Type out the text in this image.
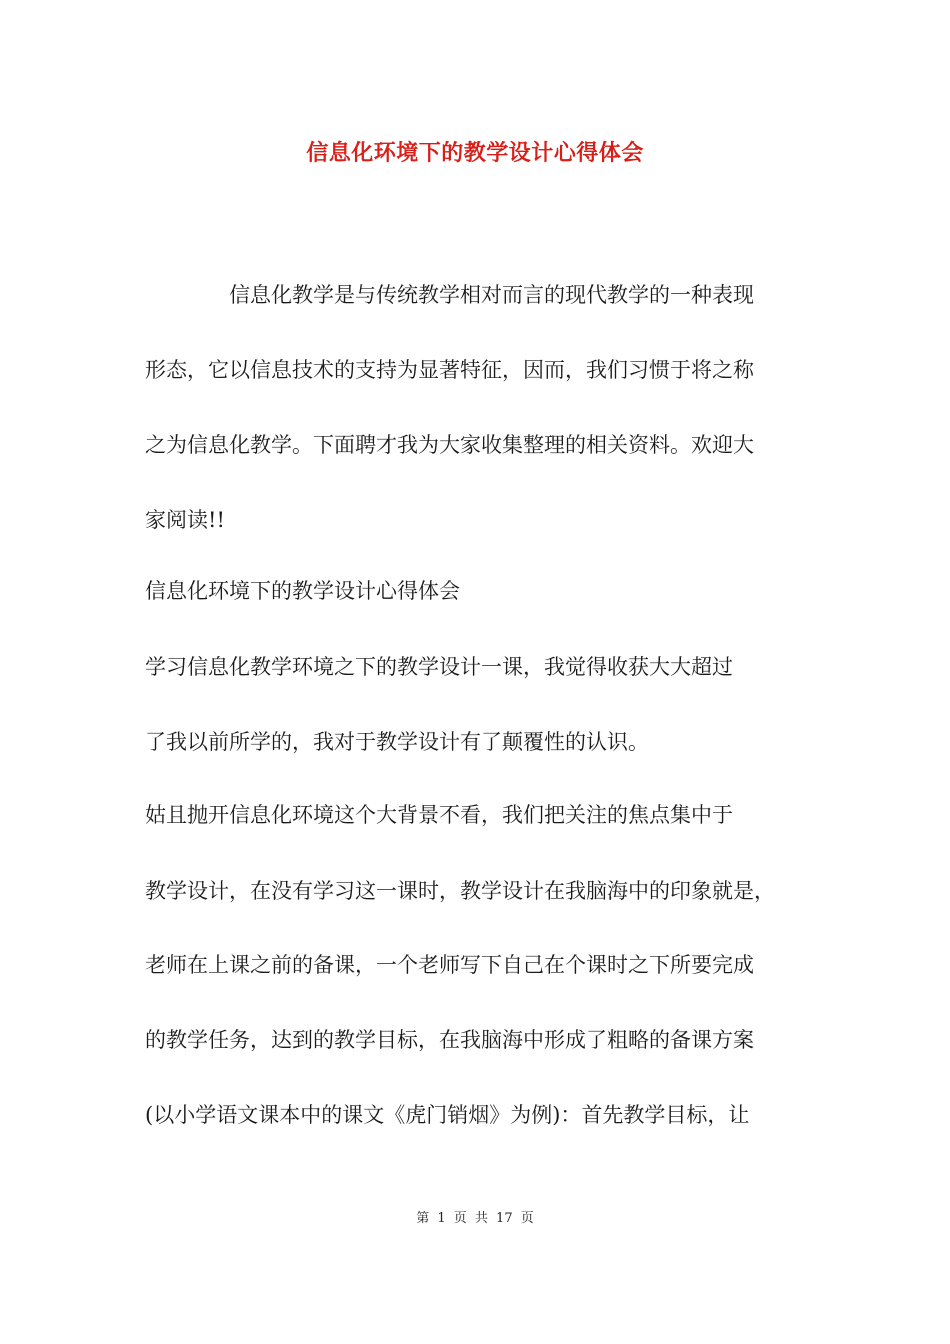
信息化环境下的教学设计心得体会
　　　　信息化教学是与传统教学相对而言的现代教学的一种表现
形态，它以信息技术的支持为显著特征，因而，我们习惯于将之称
之为信息化教学。下面聘才我为大家收集整理的相关资料。欢迎大
家阅读!!
信息化环境下的教学设计心得体会
学习信息化教学环境之下的教学设计一课，我觉得收获大大超过
了我以前所学的，我对于教学设计有了颠覆性的认识。
姑且抛开信息化环境这个大背景不看，我们把关注的焦点集中于
教学设计，在没有学习这一课时，教学设计在我脑海中的印象就是，
老师在上课之前的备课，一个老师写下自己在个课时之下所要完成
的教学任务，达到的教学目标，在我脑海中形成了粗略的备课方案
(以小学语文课本中的课文《虎门销烟》为例)：首先教学目标，让
第 1 页 共 17 页
